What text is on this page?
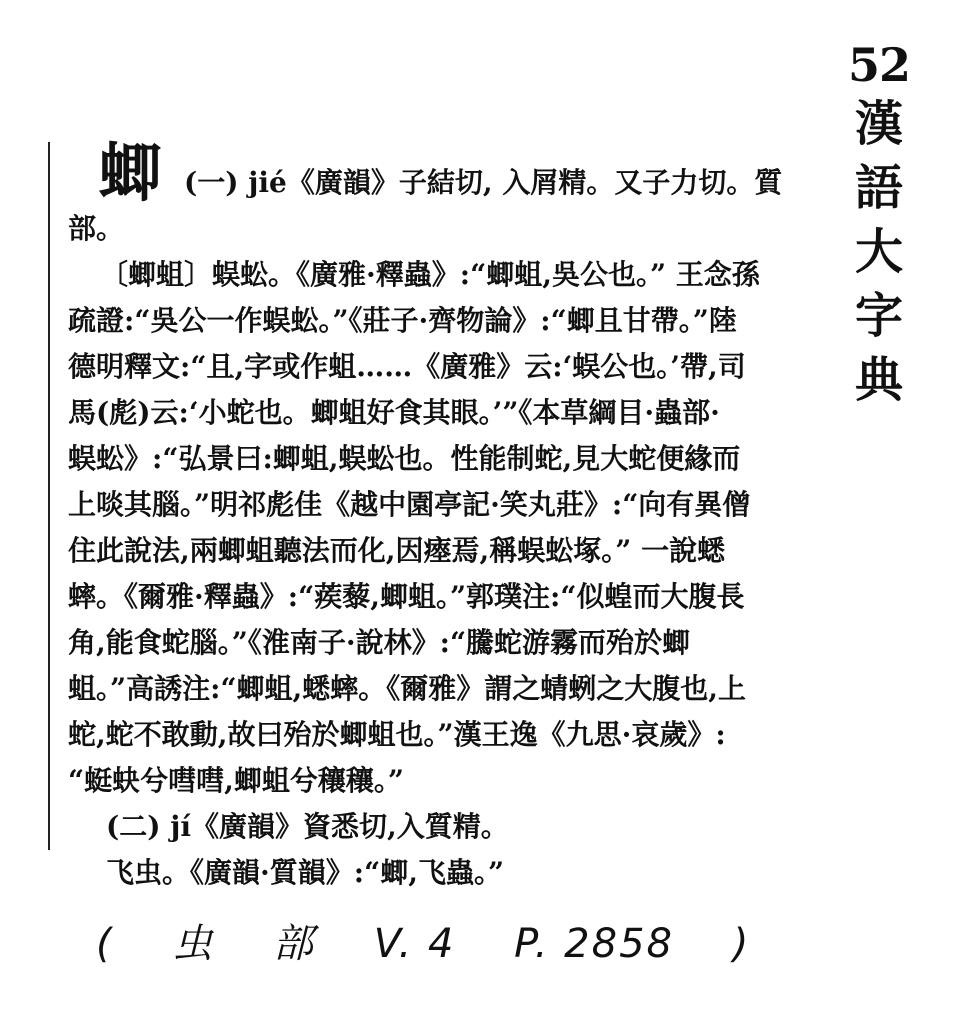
52
漢
語
大
字
典
蝍 (一) jié《廣韻》子結切, 入屑精。又子力切。質
部。
〔蝍蛆〕蜈蚣。《廣雅·釋蟲》:“蝍蛆,吳公也。” 王念孫
疏證:“吳公一作蜈蚣。”《莊子·齊物論》:“蝍且甘帶。”陸
德明釋文:“且,字或作蛆……《廣雅》云:‘蜈公也。’帶,司
馬(彪)云:‘小蛇也。蝍蛆好食其眼。’”《本草綱目·蟲部·
蜈蚣》:“弘景曰:蝍蛆,蜈蚣也。性能制蛇,見大蛇便緣而
上啖其腦。”明祁彪佳《越中園亭記·笑丸莊》:“向有異僧
住此說法,兩蝍蛆聽法而化,因瘞焉,稱蜈蚣塚。” 一說蟋
蟀。《爾雅·釋蟲》:“蒺藜,蝍蛆。”郭璞注:“似蝗而大腹長
角,能食蛇腦。”《淮南子·說林》:“騰蛇游霧而殆於蝍
蛆。”高誘注:“蝍蛆,蟋蟀。《爾雅》謂之蜻蛚之大腹也,上
蛇,蛇不敢動,故曰殆於蝍蛆也。”漢王逸《九思·哀歲》:
“蜓蚗兮嘒嘒,蝍蛆兮穰穰。”
(二) jí《廣韻》資悉切,入質精。
飞虫。《廣韻·質韻》:“蝍,飞蟲。”
( 虫 部 V. 4 P. 2858 )
